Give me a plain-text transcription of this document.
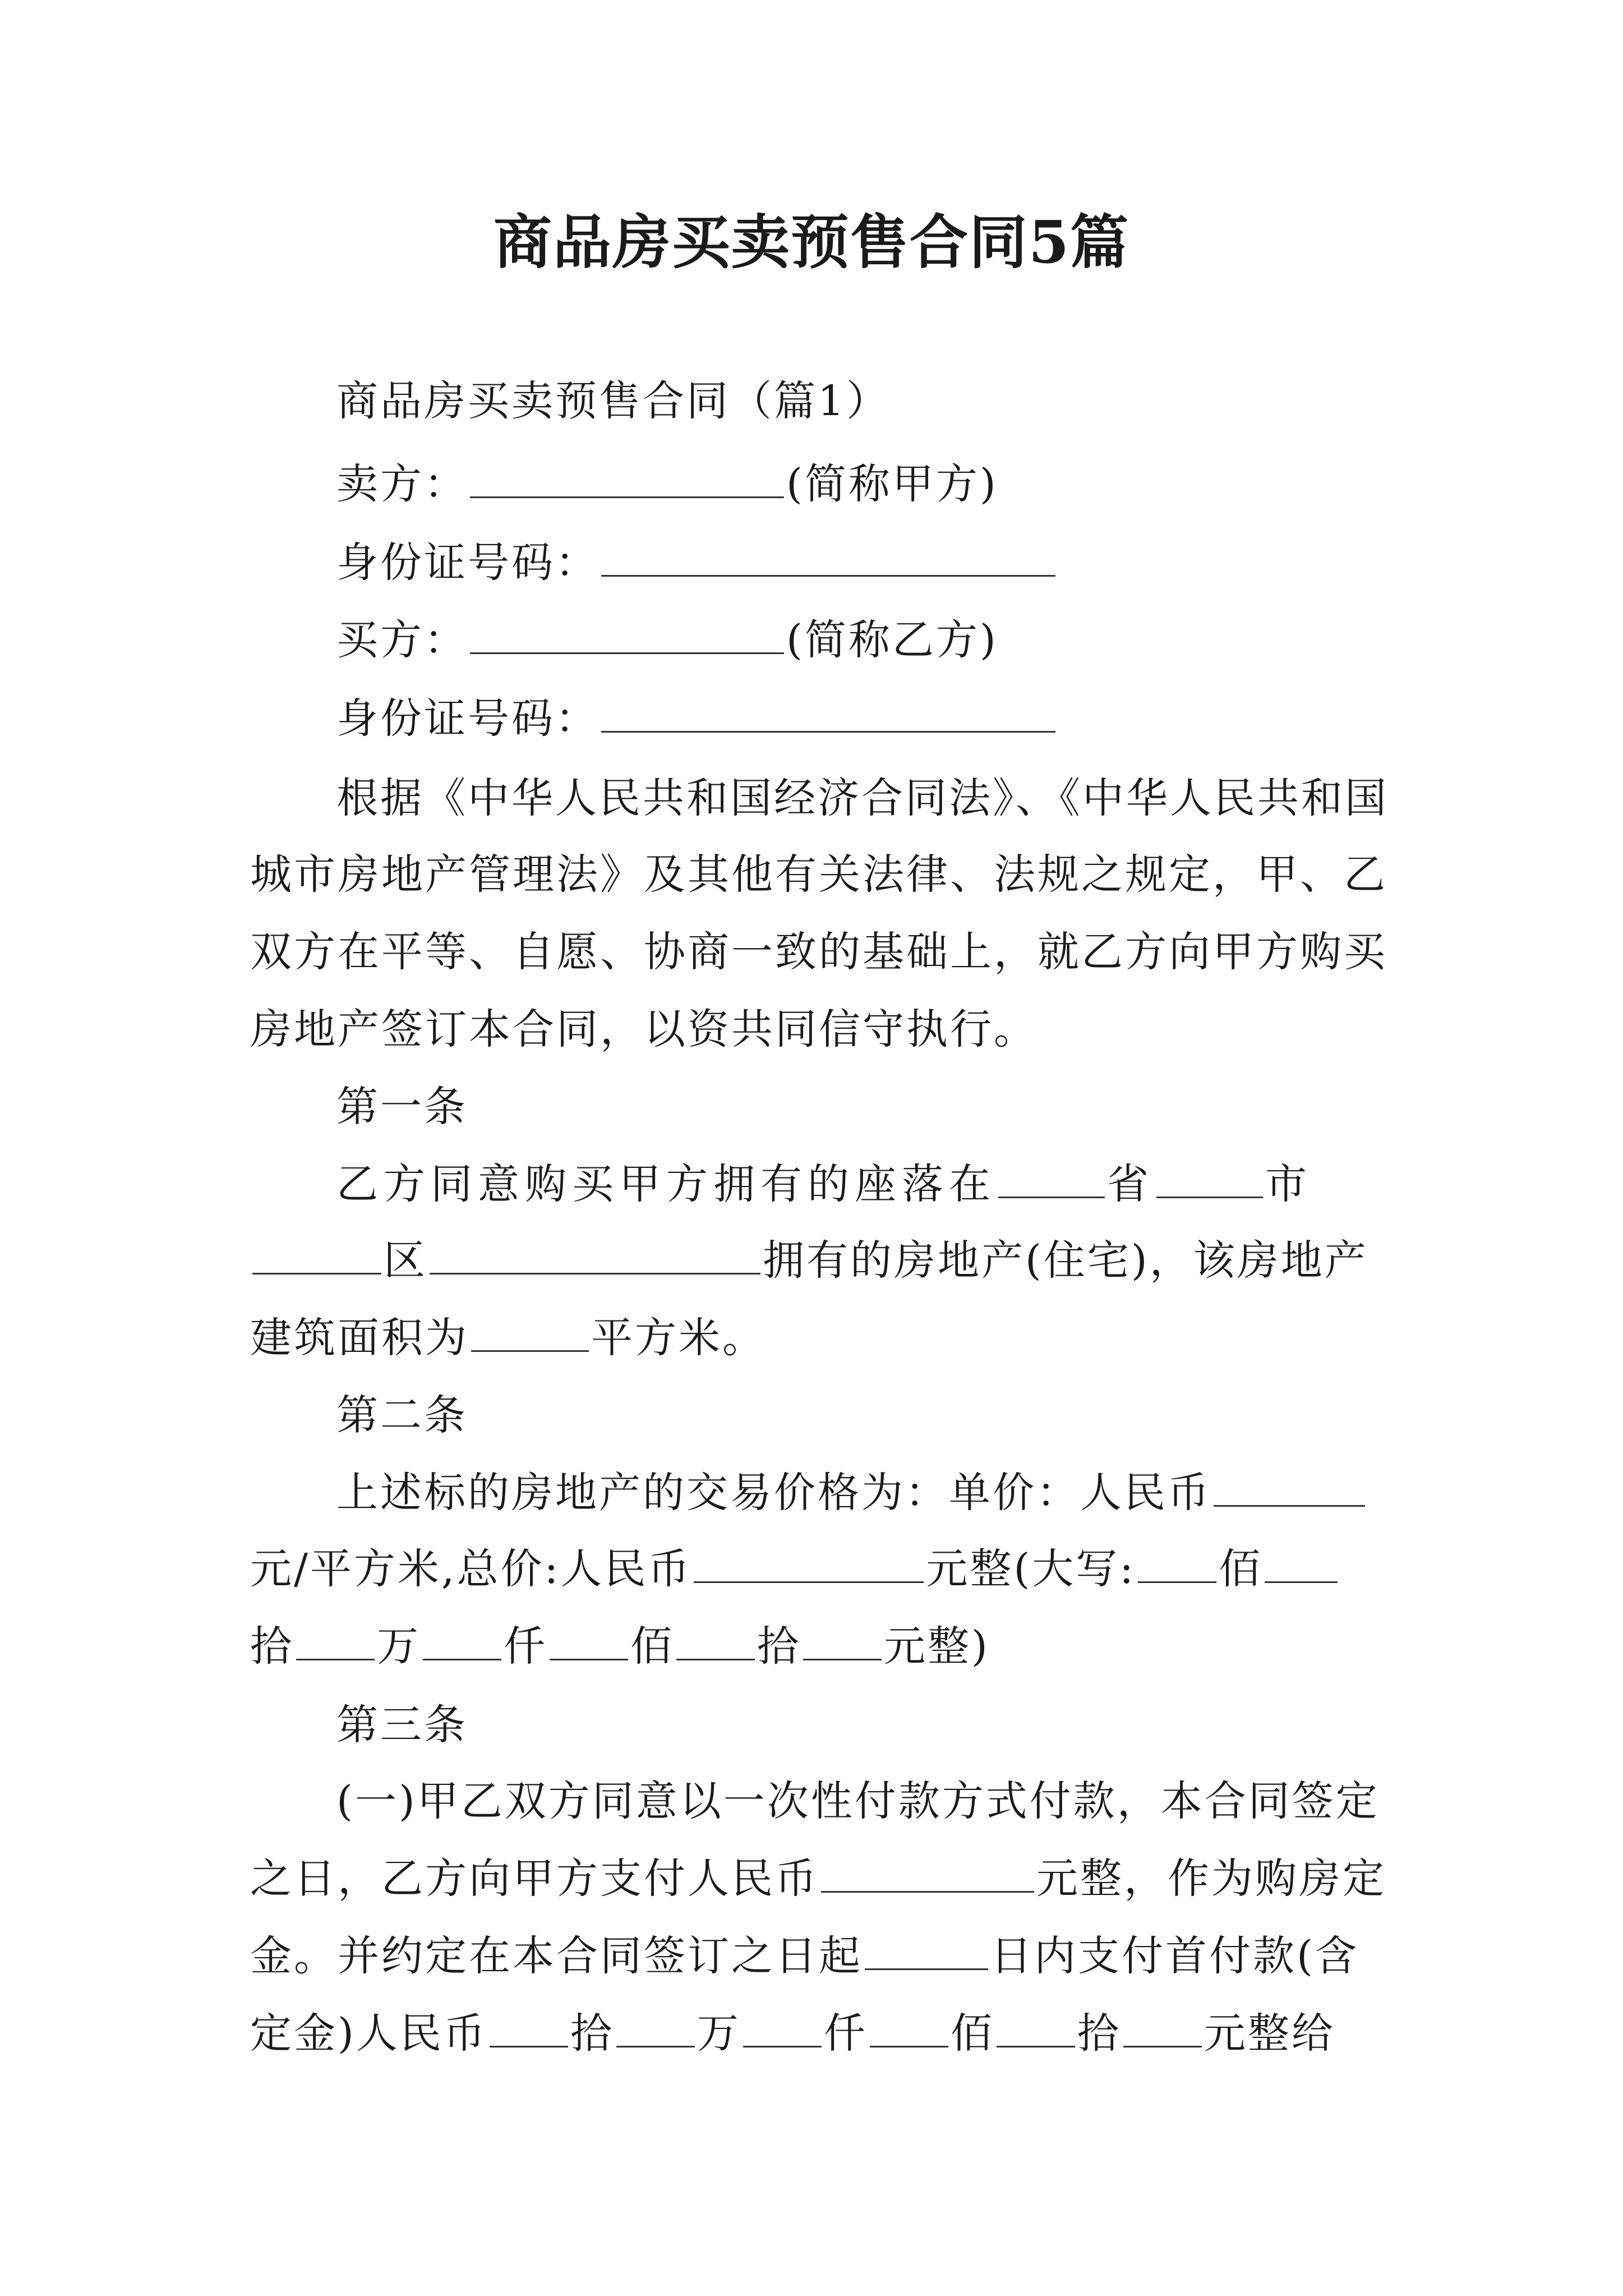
商品房买卖预售合同5篇
商品房买卖预售合同（篇1）
卖方：	(简称甲方)
身份证号码：
买方：	(简称乙方)
身份证号码：
根据《中华人民共和国经济合同法》、《中华人民共和国
城市房地产管理法》及其他有关法律、法规之规定，甲、乙
双方在平等、自愿、协商一致的基础上，就乙方向甲方购买
房地产签订本合同，以资共同信守执行。
第一条
乙方同意购买甲方拥有的座落在	省	市
区	拥有的房地产(住宅)，该房地产
建筑面积为	平方米。
第二条
上述标的房地产的交易价格为：单价：人民币
元/平方米,总价:人民币	元整(大写: 佰
拾 万 仟 佰 拾 元整)
第三条
(一)甲乙双方同意以一次性付款方式付款，本合同签定
之日，乙方向甲方支付人民币	元整，作为购房定
金。并约定在本合同签订之日起	日内支付首付款(含
定金)人民币 拾 万 仟 佰 拾 元整给
